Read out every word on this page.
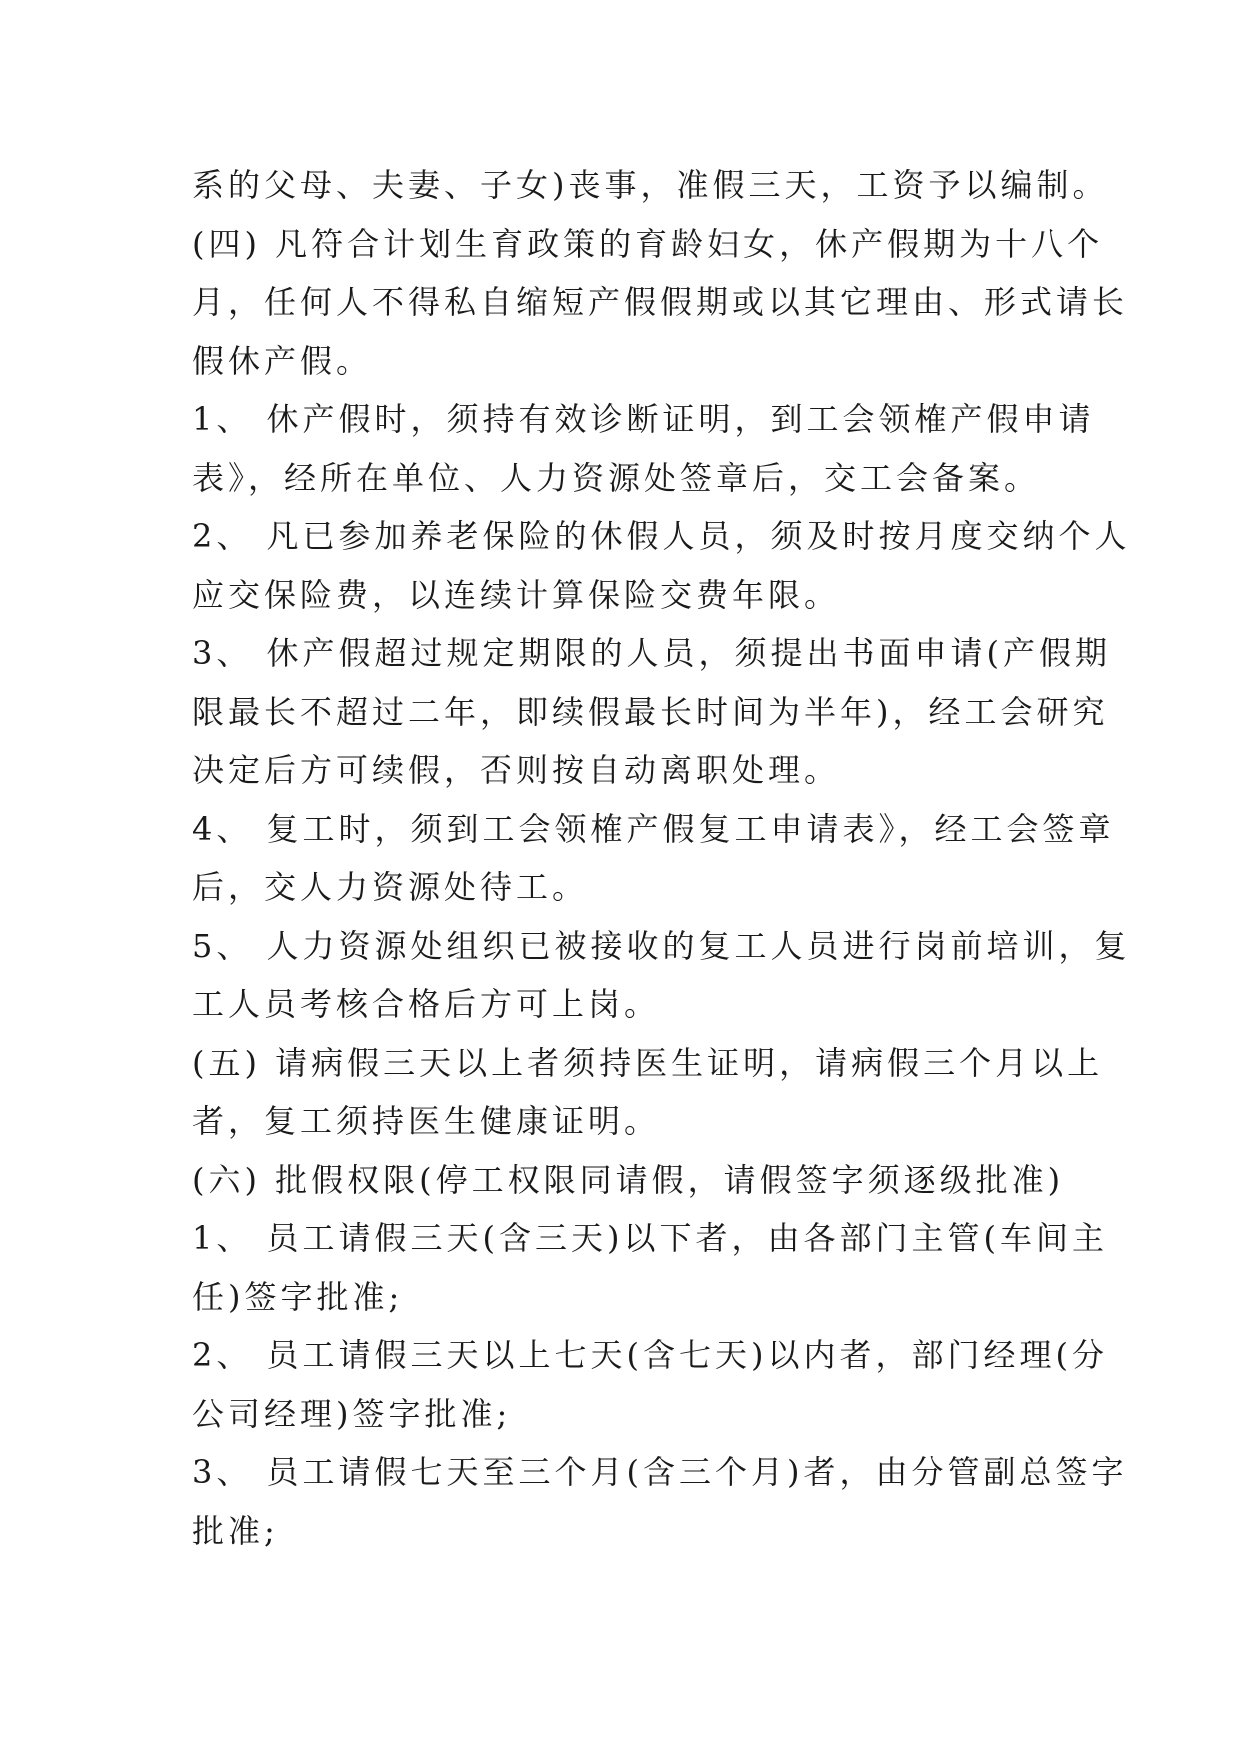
系的父母、夫妻、子女)丧事，准假三天，工资予以编制。
(四) 凡符合计划生育政策的育龄妇女，休产假期为十八个
月，任何人不得私自缩短产假假期或以其它理由、形式请长
假休产假。
1、 休产假时，须持有效诊断证明，到工会领榷产假申请
表》，经所在单位、人力资源处签章后，交工会备案。
2、 凡已参加养老保险的休假人员，须及时按月度交纳个人
应交保险费，以连续计算保险交费年限。
3、 休产假超过规定期限的人员，须提出书面申请(产假期
限最长不超过二年，即续假最长时间为半年)，经工会研究
决定后方可续假，否则按自动离职处理。
4、 复工时，须到工会领榷产假复工申请表》，经工会签章
后，交人力资源处待工。
5、 人力资源处组织已被接收的复工人员进行岗前培训，复
工人员考核合格后方可上岗。
(五) 请病假三天以上者须持医生证明，请病假三个月以上
者，复工须持医生健康证明。
(六) 批假权限(停工权限同请假，请假签字须逐级批准)
1、 员工请假三天(含三天)以下者，由各部门主管(车间主
任)签字批准;
2、 员工请假三天以上七天(含七天)以内者，部门经理(分
公司经理)签字批准;
3、 员工请假七天至三个月(含三个月)者，由分管副总签字
批准;
